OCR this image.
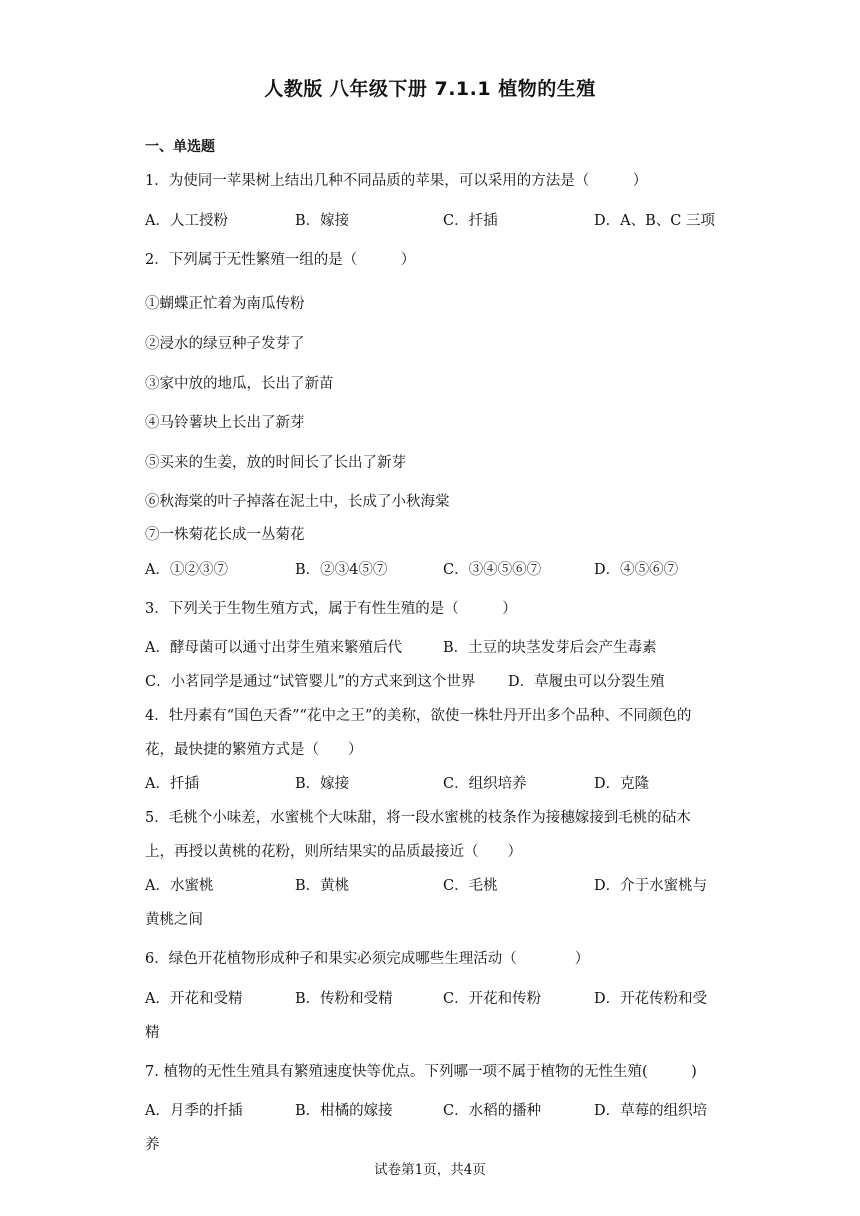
人教版 八年级下册 7.1.1 植物的生殖
一、单选题
1．为使同一苹果树上结出几种不同品质的苹果，可以采用的方法是（　　　）
A．人工授粉	B．嫁接	C．扦插	D．A、B、C 三项
2．下列属于无性繁殖一组的是（　　　）
①蝴蝶正忙着为南瓜传粉
②浸水的绿豆种子发芽了
③家中放的地瓜，长出了新苗
④马铃薯块上长出了新芽
⑤买来的生姜，放的时间长了长出了新芽
⑥秋海棠的叶子掉落在泥土中，长成了小秋海棠
⑦一株菊花长成一丛菊花
A．①②③⑦	B．②③4⑤⑦	C．③④⑤⑥⑦	D．④⑤⑥⑦
3．下列关于生物生殖方式，属于有性生殖的是（　　　）
A．酵母菌可以通寸出芽生殖来繁殖后代	B．土豆的块茎发芽后会产生毒素
C．小茗同学是通过“试管婴儿”的方式来到这个世界 D．草履虫可以分裂生殖
4．牡丹素有“国色天香”“花中之王”的美称，欲使一株牡丹开出多个品种、不同颜色的
花，最快捷的繁殖方式是（　　）
A．扦插	B．嫁接	C．组织培养	D．克隆
5．毛桃个小味差，水蜜桃个大味甜，将一段水蜜桃的枝条作为接穗嫁接到毛桃的砧木
上，再授以黄桃的花粉，则所结果实的品质最接近（　　）
A．水蜜桃	B．黄桃	C．毛桃	D．介于水蜜桃与
黄桃之间
6．绿色开花植物形成种子和果实必须完成哪些生理活动（　　　　）
A．开花和受精	B．传粉和受精	C．开花和传粉	D．开花传粉和受
精
7. 植物的无性生殖具有繁殖速度快等优点。下列哪一项不属于植物的无性生殖(　　　)
A．月季的扦插	B．柑橘的嫁接	C．水稻的播种	D．草莓的组织培
养
试卷第1页，共4页
